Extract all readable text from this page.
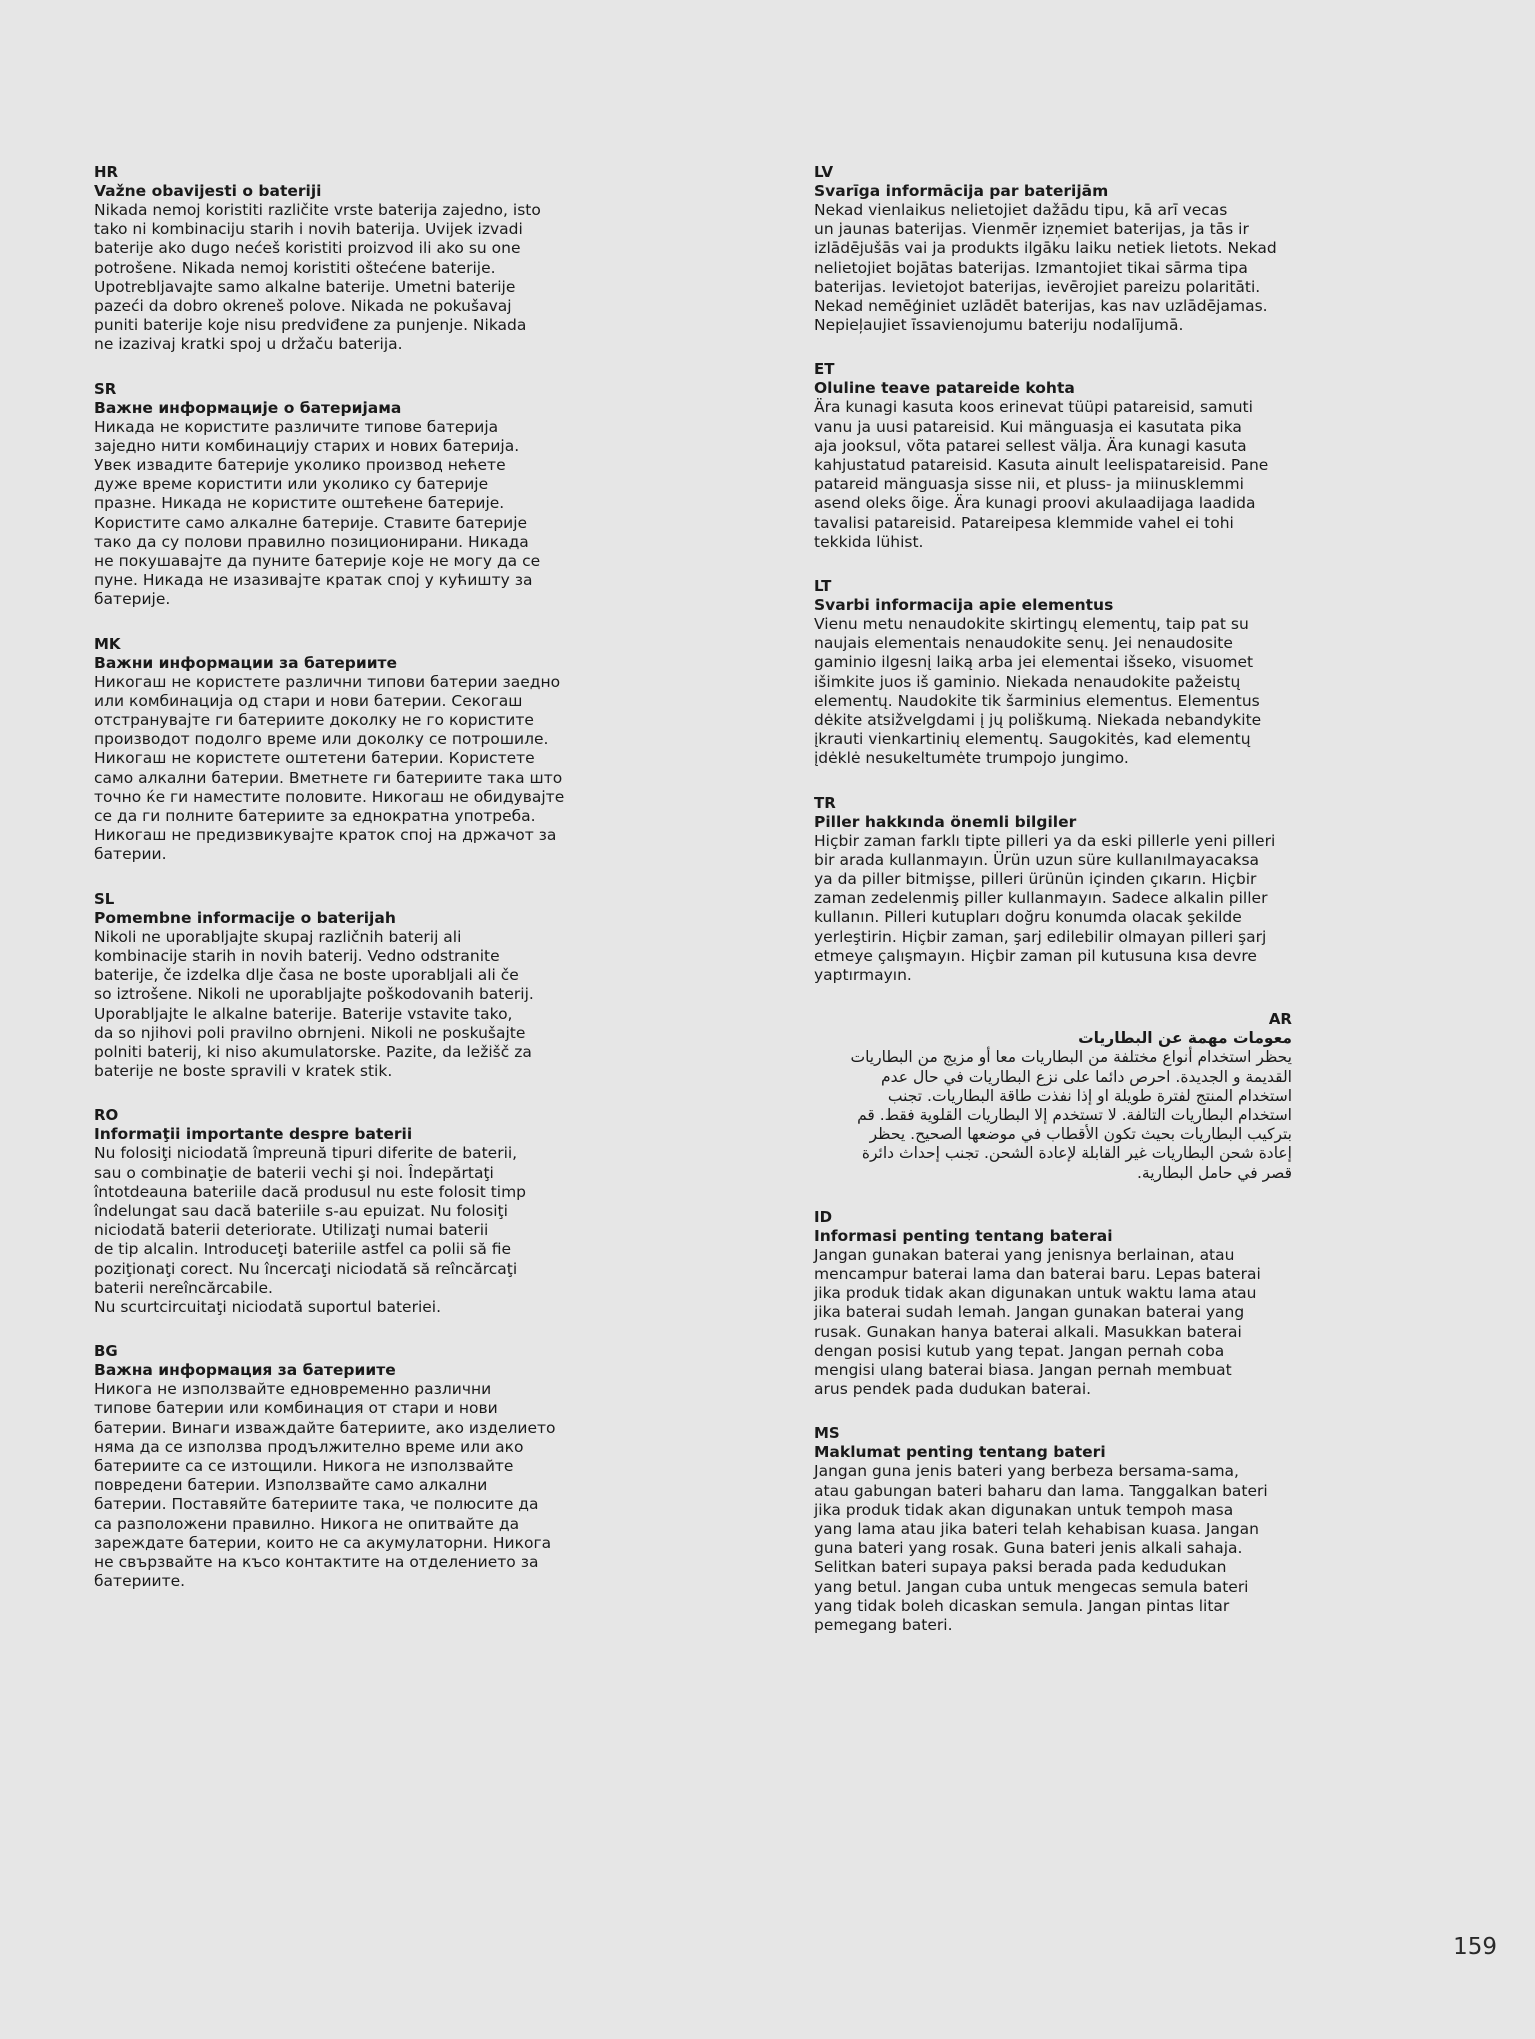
HR
Važne obavijesti o bateriji

Nikada nemoj koristiti različite vrste baterija zajedno, isto
tako ni kombinaciju starih i novih baterija. Uvijek izvadi
baterije ako dugo nećeš koristiti proizvod ili ako su one
potrošene. Nikada nemoj koristiti oštećene baterije.
Upotrebljavajte samo alkalne baterije. Umetni baterije
pazeći da dobro okreneš polove. Nikada ne pokušavaj
puniti baterije koje nisu predviđene za punjenje. Nikada
ne izazivaj kratki spoj u držaču baterija.

SR
Важне информације о батеријама

Никада не користите различите типове батерија
заједно нити комбинацију старих и нових батерија.
Увек извадите батерије уколико производ нећете
дуже време користити или уколико су батерије
празне. Никада не користите оштећене батерије.
Користите само алкалне батерије. Ставите батерије
тако да су полови правилно позиционирани. Никада
не покушавајте да пуните батерије које не могу да се
пуне. Никада не изазивајте кратак спој у кућишту за
батерије.

MK
Важни информации за батериите

Никогаш не користете различни типови батерии заедно
или комбинација од стари и нови батерии. Секогаш
отстранувајте ги батериите доколку не го користите
производот подолго време или доколку се потрошиле.
Никогаш не користете оштетени батерии. Користете
само алкални батерии. Вметнете ги батериите така што
точно ќе ги наместите половите. Никогаш не обидувајте
се да ги полните батериите за еднократна употреба.
Никогаш не предизвикувајте краток спој на држачот за
батерии.

SL
Pomembne informacije o baterijah

Nikoli ne uporabljajte skupaj različnih baterij ali
kombinacije starih in novih baterij. Vedno odstranite
baterije, če izdelka dlje časa ne boste uporabljali ali če
so iztrošene. Nikoli ne uporabljajte poškodovanih baterij.
Uporabljajte le alkalne baterije. Baterije vstavite tako,
da so njihovi poli pravilno obrnjeni. Nikoli ne poskušajte
polniti baterij, ki niso akumulatorske. Pazite, da ležišč za
baterije ne boste spravili v kratek stik.

RO
Informaţii importante despre baterii

Nu folosiţi niciodată împreună tipuri diferite de baterii,
sau o combinaţie de baterii vechi şi noi. Îndepărtaţi
întotdeauna bateriile dacă produsul nu este folosit timp
îndelungat sau dacă bateriile s-au epuizat. Nu folosiţi
niciodată baterii deteriorate. Utilizaţi numai baterii
de tip alcalin. Introduceţi bateriile astfel ca polii să fie
poziţionaţi corect. Nu încercaţi niciodată să reîncărcaţi
baterii nereîncărcabile.
Nu scurtcircuitaţi niciodată suportul bateriei.

BG
Важна информация за батериите

Никога не използвайте едновременно различни
типове батерии или комбинация от стари и нови
батерии. Винаги изваждайте батериите, ако изделието
няма да се използва продължително време или ако
батериите са се изтощили. Никога не използвайте
повредени батерии. Използвайте само алкални
батерии. Поставяйте батериите така, че полюсите да
са разположени правилно. Никога не опитвайте да
зареждате батерии, които не са акумулаторни. Никога
не свързвайте на късо контактите на отделението за
батериите.

LV
Svarīga informācija par baterijām

Nekad vienlaikus nelietojiet dažādu tipu, kā arī vecas
un jaunas baterijas. Vienmēr izņemiet baterijas, ja tās ir
izlādējušās vai ja produkts ilgāku laiku netiek lietots. Nekad
nelietojiet bojātas baterijas. Izmantojiet tikai sārma tipa
baterijas. Ievietojot baterijas, ievērojiet pareizu polaritāti.
Nekad nemēģiniet uzlādēt baterijas, kas nav uzlādējamas.
Nepieļaujiet īssavienojumu bateriju nodalījumā.

ET
Oluline teave patareide kohta

Ära kunagi kasuta koos erinevat tüüpi patareisid, samuti
vanu ja uusi patareisid. Kui mänguasja ei kasutata pika
aja jooksul, võta patarei sellest välja. Ära kunagi kasuta
kahjustatud patareisid. Kasuta ainult leelispatareisid. Pane
patareid mänguasja sisse nii, et pluss- ja miinusklemmi
asend oleks õige. Ära kunagi proovi akulaadijaga laadida
tavalisi patareisid. Patareipesa klemmide vahel ei tohi
tekkida lühist.

LT
Svarbi informacija apie elementus

Vienu metu nenaudokite skirtingų elementų, taip pat su
naujais elementais nenaudokite senų. Jei nenaudosite
gaminio ilgesnį laiką arba jei elementai išseko, visuomet
išimkite juos iš gaminio. Niekada nenaudokite pažeistų
elementų. Naudokite tik šarminius elementus. Elementus
dėkite atsižvelgdami į jų poliškumą. Niekada nebandykite
įkrauti vienkartinių elementų. Saugokitės, kad elementų
įdėklė nesukeltumėte trumpojo jungimo.

TR
Piller hakkında önemli bilgiler

Hiçbir zaman farklı tipte pilleri ya da eski pillerle yeni pilleri
bir arada kullanmayın. Ürün uzun süre kullanılmayacaksa
ya da piller bitmişse, pilleri ürünün içinden çıkarın. Hiçbir
zaman zedelenmiş piller kullanmayın. Sadece alkalin piller
kullanın. Pilleri kutupları doğru konumda olacak şekilde
yerleştirin. Hiçbir zaman, şarj edilebilir olmayan pilleri şarj
etmeye çalışmayın. Hiçbir zaman pil kutusuna kısa devre
yaptırmayın.

AR
معومات مهمة عن البطاريات

يحظر استخدام أنواع مختلفة من البطاريات معا أو مزيج من البطاريات
القديمة و الجديدة. احرص دائما على نزع البطاريات في حال عدم
استخدام المنتج لفترة طويلة او إذا نفذت طاقة البطاريات. تجنب
استخدام البطاريات التالفة. لا تستخدم إلا البطاريات القلوية فقط. قم
بتركيب البطاريات بحيث تكون الأقطاب في موضعها الصحيح. يحظر
إعادة شحن البطاريات غير القابلة لإعادة الشحن. تجنب إحداث دائرة
قصر في حامل البطارية.

ID
Informasi penting tentang baterai

Jangan gunakan baterai yang jenisnya berlainan, atau
mencampur baterai lama dan baterai baru. Lepas baterai
jika produk tidak akan digunakan untuk waktu lama atau
jika baterai sudah lemah. Jangan gunakan baterai yang
rusak. Gunakan hanya baterai alkali. Masukkan baterai
dengan posisi kutub yang tepat. Jangan pernah coba
mengisi ulang baterai biasa. Jangan pernah membuat
arus pendek pada dudukan baterai.

MS
Maklumat penting tentang bateri

Jangan guna jenis bateri yang berbeza bersama-sama,
atau gabungan bateri baharu dan lama. Tanggalkan bateri
jika produk tidak akan digunakan untuk tempoh masa
yang lama atau jika bateri telah kehabisan kuasa. Jangan
guna bateri yang rosak. Guna bateri jenis alkali sahaja.
Selitkan bateri supaya paksi berada pada kedudukan
yang betul. Jangan cuba untuk mengecas semula bateri
yang tidak boleh dicaskan semula. Jangan pintas litar
pemegang bateri.

159
